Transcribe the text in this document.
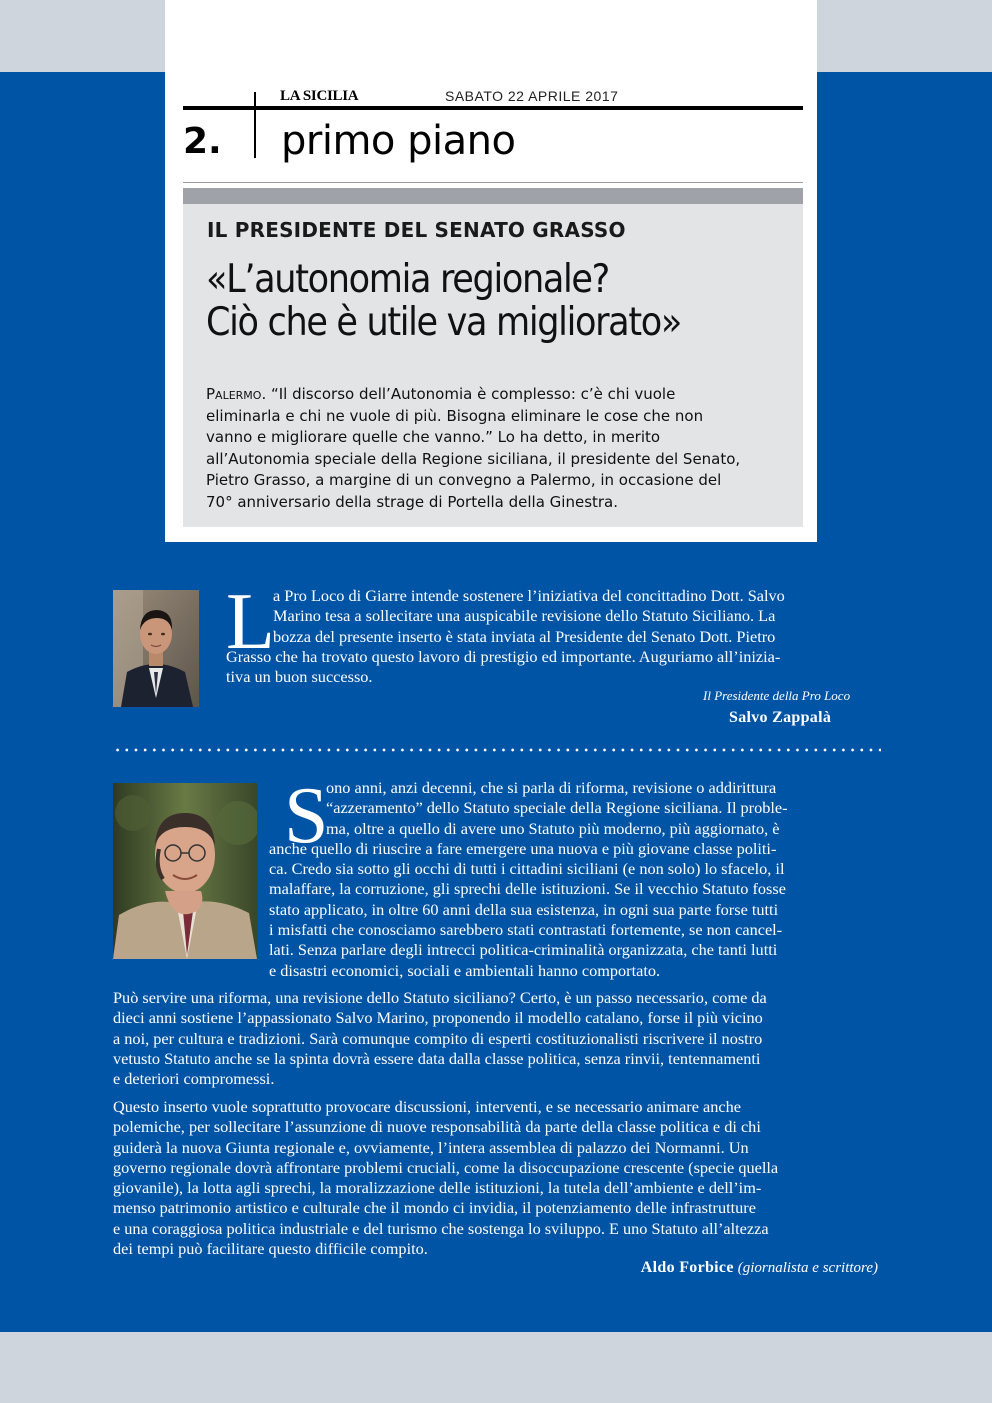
LA SICILIA	SABATO 22 APRILE 2017
2. primo piano
IL PRESIDENTE DEL SENATO GRASSO
«L’autonomia regionale?
Ciò che è utile va migliorato»
Palermo. “Il discorso dell’Autonomia è complesso: c’è chi vuole
eliminarla e chi ne vuole di più. Bisogna eliminare le cose che non
vanno e migliorare quelle che vanno.” Lo ha detto, in merito
all’Autonomia speciale della Regione siciliana, il presidente del Senato,
Pietro Grasso, a margine di un convegno a Palermo, in occasione del
70° anniversario della strage di Portella della Ginestra.
L
a Pro Loco di Giarre intende sostenere l’iniziativa del concittadino Dott. Salvo
Marino tesa a sollecitare una auspicabile revisione dello Statuto Siciliano. La
bozza del presente inserto è stata inviata al Presidente del Senato Dott. Pietro
Grasso che ha trovato questo lavoro di prestigio ed importante. Auguriamo all’inizia-
tiva un buon successo.
Il Presidente della Pro Loco
Salvo Zappalà
S
ono anni, anzi decenni, che si parla di riforma, revisione o addirittura
“azzeramento” dello Statuto speciale della Regione siciliana. Il proble-
ma, oltre a quello di avere uno Statuto più moderno, più aggiornato, è
anche quello di riuscire a fare emergere una nuova e più giovane classe politi-
ca. Credo sia sotto gli occhi di tutti i cittadini siciliani (e non solo) lo sfacelo, il
malaffare, la corruzione, gli sprechi delle istituzioni. Se il vecchio Statuto fosse
stato applicato, in oltre 60 anni della sua esistenza, in ogni sua parte forse tutti
i misfatti che conosciamo sarebbero stati contrastati fortemente, se non cancel-
lati. Senza parlare degli intrecci politica-criminalità organizzata, che tanti lutti
e disastri economici, sociali e ambientali hanno comportato.
Può servire una riforma, una revisione dello Statuto siciliano? Certo, è un passo necessario, come da
dieci anni sostiene l’appassionato Salvo Marino, proponendo il modello catalano, forse il più vicino
a noi, per cultura e tradizioni. Sarà comunque compito di esperti costituzionalisti riscrivere il nostro
vetusto Statuto anche se la spinta dovrà essere data dalla classe politica, senza rinvii, tentennamenti
e deteriori compromessi.
Questo inserto vuole soprattutto provocare discussioni, interventi, e se necessario animare anche
polemiche, per sollecitare l’assunzione di nuove responsabilità da parte della classe politica e di chi
guiderà la nuova Giunta regionale e, ovviamente, l’intera assemblea di palazzo dei Normanni. Un
governo regionale dovrà affrontare problemi cruciali, come la disoccupazione crescente (specie quella
giovanile), la lotta agli sprechi, la moralizzazione delle istituzioni, la tutela dell’ambiente e dell’im-
menso patrimonio artistico e culturale che il mondo ci invidia, il potenziamento delle infrastrutture
e una coraggiosa politica industriale e del turismo che sostenga lo sviluppo. E uno Statuto all’altezza
dei tempi può facilitare questo difficile compito.
Aldo Forbice (giornalista e scrittore)
